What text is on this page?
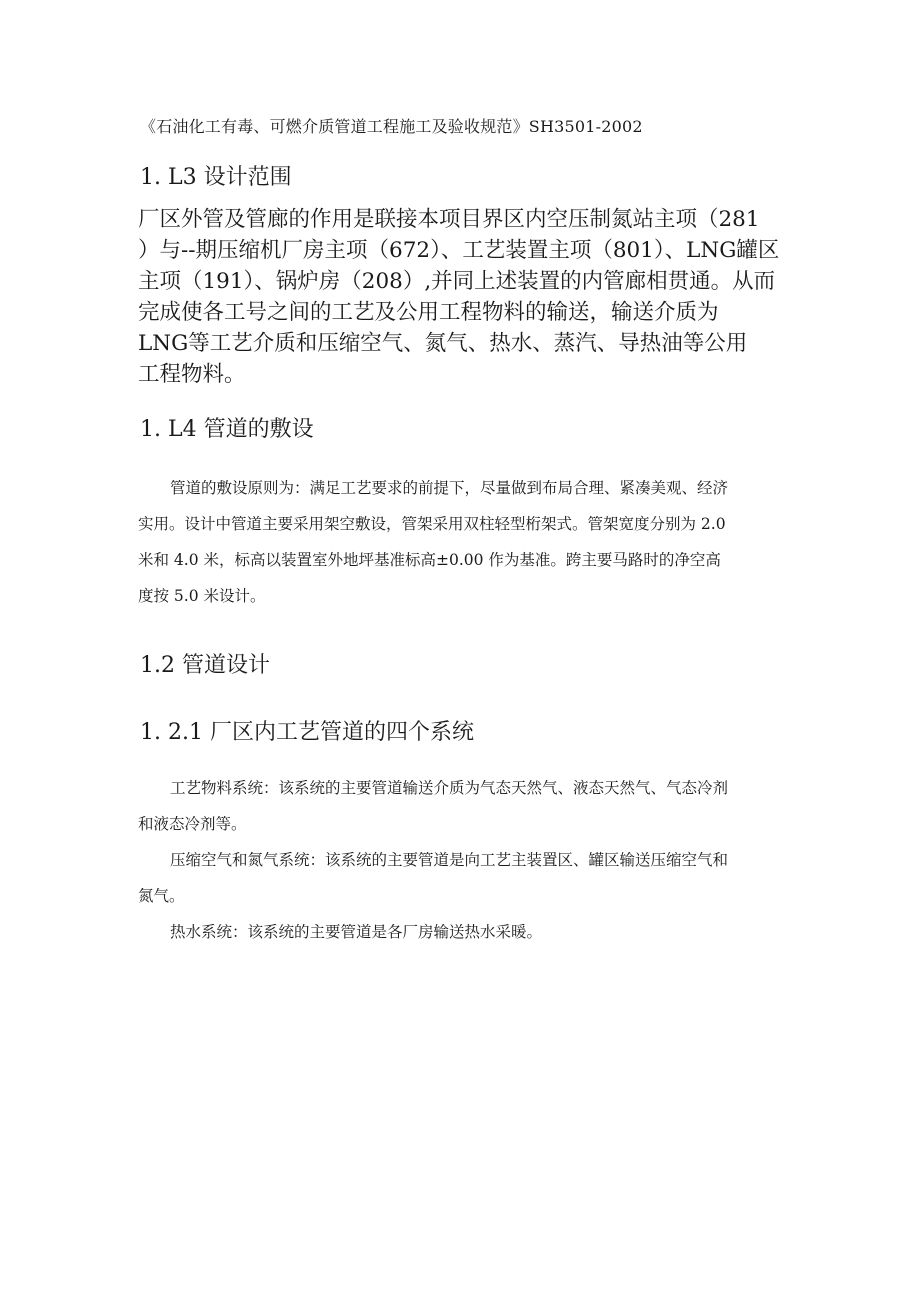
《石油化工有毒、可燃介质管道工程施工及验收规范》SH3501-2002
1. L3 设计范围
厂区外管及管廊的作用是联接本项目界区内空压制氮站主项（281
）与--期压缩机厂房主项（672）、工艺装置主项（801）、LNG罐区
主项（191）、锅炉房（208）,并同上述装置的内管廊相贯通。从而
完成使各工号之间的工艺及公用工程物料的输送，输送介质为
LNG等工艺介质和压缩空气、氮气、热水、蒸汽、导热油等公用
工程物料。
1. L4 管道的敷设
管道的敷设原则为：满足工艺要求的前提下，尽量做到布局合理、紧凑美观、经济
实用。设计中管道主要采用架空敷设，管架采用双柱轻型桁架式。管架宽度分别为 2.0
米和 4.0 米，标高以装置室外地坪基准标高±0.00 作为基准。跨主要马路时的净空高
度按 5.0 米设计。
1.2 管道设计
1. 2.1 厂区内工艺管道的四个系统
工艺物料系统：该系统的主要管道输送介质为气态天然气、液态天然气、气态冷剂
和液态冷剂等。
压缩空气和氮气系统：该系统的主要管道是向工艺主装置区、罐区输送压缩空气和
氮气。
热水系统：该系统的主要管道是各厂房输送热水采暖。
